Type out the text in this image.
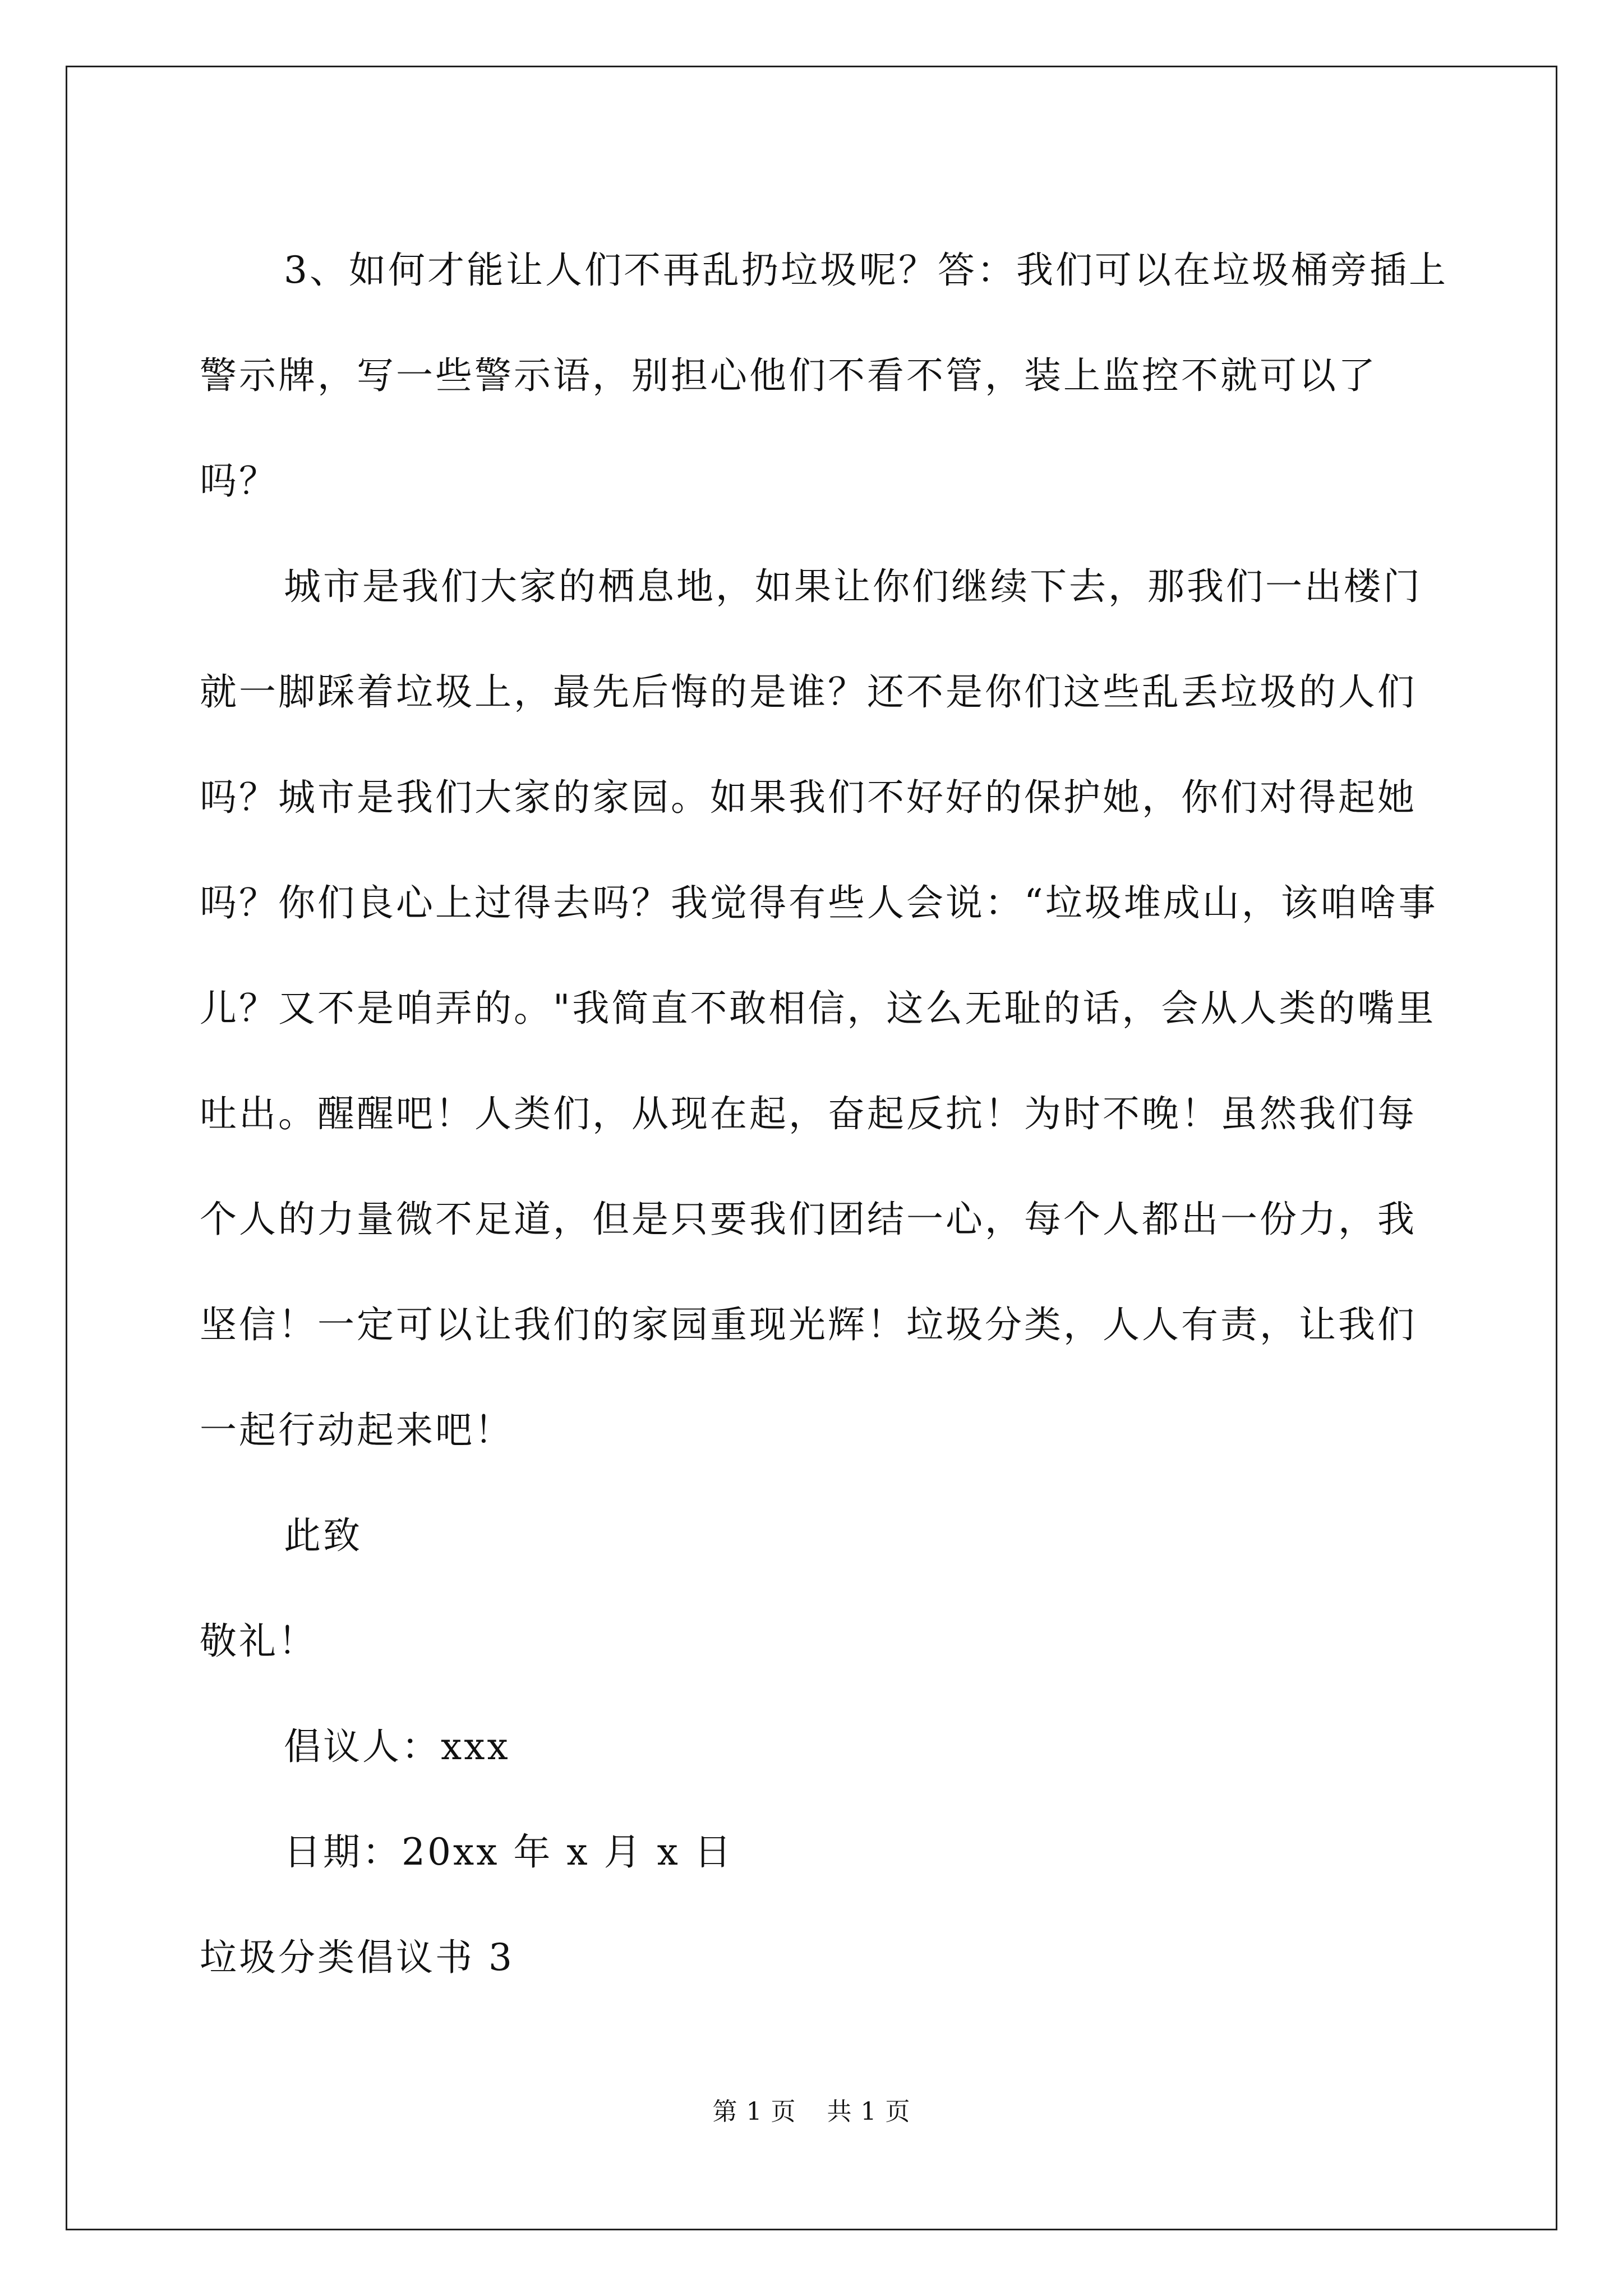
3、如何才能让人们不再乱扔垃圾呢？答：我们可以在垃圾桶旁插上警示牌，写一些警示语，别担心他们不看不管，装上监控不就可以了吗？

城市是我们大家的栖息地，如果让你们继续下去，那我们一出楼门就一脚踩着垃圾上，最先后悔的是谁？还不是你们这些乱丢垃圾的人们吗？城市是我们大家的家园。如果我们不好好的保护她，你们对得起她吗？你们良心上过得去吗？我觉得有些人会说：“垃圾堆成山，该咱啥事儿？又不是咱弄的。"我简直不敢相信，这么无耻的话，会从人类的嘴里吐出。醒醒吧！人类们，从现在起，奋起反抗！为时不晚！虽然我们每个人的力量微不足道，但是只要我们团结一心，每个人都出一份力，我坚信！一定可以让我们的家园重现光辉！垃圾分类，人人有责，让我们一起行动起来吧！

此致

敬礼！

倡议人：xxx

日期：20xx 年 x 月 x 日

垃圾分类倡议书 3

第 1 页 共 1 页
